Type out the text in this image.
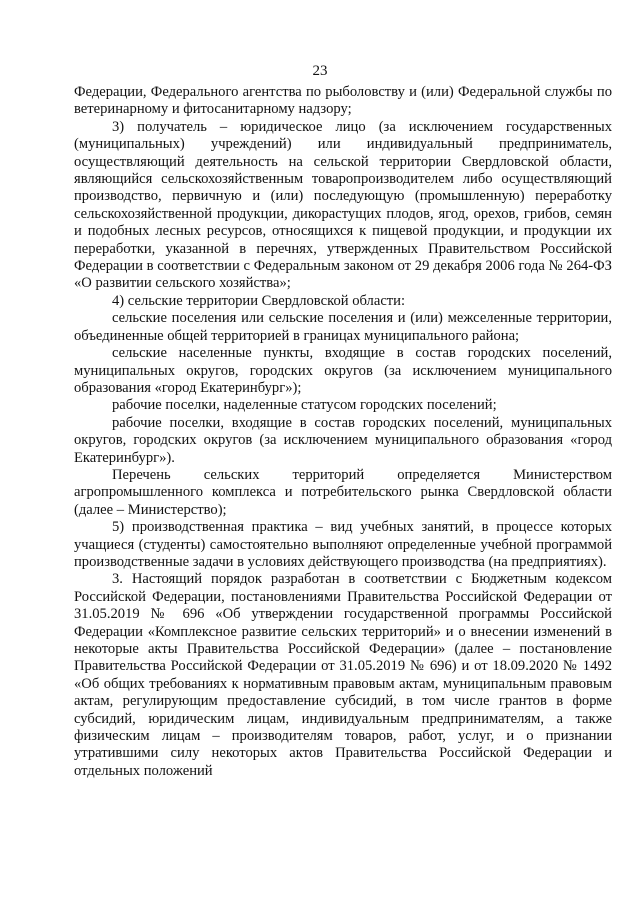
23

Федерации, Федерального агентства по рыболовству и (или) Федеральной службы по ветеринарному и фитосанитарному надзору;

3) получатель – юридическое лицо (за исключением государственных (муниципальных) учреждений) или индивидуальный предприниматель, осуществляющий деятельность на сельской территории Свердловской области, являющийся сельскохозяйственным товаропроизводителем либо осуществляющий производство, первичную и (или) последующую (промышленную) переработку сельскохозяйственной продукции, дикорастущих плодов, ягод, орехов, грибов, семян и подобных лесных ресурсов, относящихся к пищевой продукции, и продукции их переработки, указанной в перечнях, утвержденных Правительством Российской Федерации в соответствии с Федеральным законом от 29 декабря 2006 года № 264-ФЗ «О развитии сельского хозяйства»;

4) сельские территории Свердловской области:

сельские поселения или сельские поселения и (или) межселенные территории, объединенные общей территорией в границах муниципального района;

сельские населенные пункты, входящие в состав городских поселений, муниципальных округов, городских округов (за исключением муниципального образования «город Екатеринбург»);

рабочие поселки, наделенные статусом городских поселений;

рабочие поселки, входящие в состав городских поселений, муниципальных округов, городских округов (за исключением муниципального образования «город Екатеринбург»).

Перечень сельских территорий определяется Министерством агропромышленного комплекса и потребительского рынка Свердловской области (далее – Министерство);

5) производственная практика – вид учебных занятий, в процессе которых учащиеся (студенты) самостоятельно выполняют определенные учебной программой производственные задачи в условиях действующего производства (на предприятиях).

3. Настоящий порядок разработан в соответствии с Бюджетным кодексом Российской Федерации, постановлениями Правительства Российской Федерации от 31.05.2019 № 696 «Об утверждении государственной программы Российской Федерации «Комплексное развитие сельских территорий» и о внесении изменений в некоторые акты Правительства Российской Федерации» (далее – постановление Правительства Российской Федерации от 31.05.2019 № 696) и от 18.09.2020 № 1492 «Об общих требованиях к нормативным правовым актам, муниципальным правовым актам, регулирующим предоставление субсидий, в том числе грантов в форме субсидий, юридическим лицам, индивидуальным предпринимателям, а также физическим лицам – производителям товаров, работ, услуг, и о признании утратившими силу некоторых актов Правительства Российской Федерации и отдельных положений
